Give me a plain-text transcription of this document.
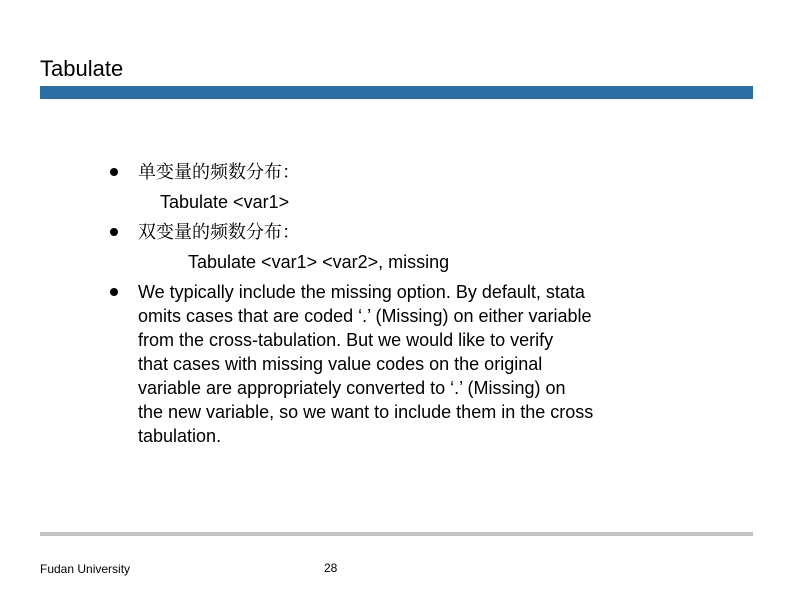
Tabulate
单变量的频数分布：
Tabulate <var1>
双变量的频数分布：
Tabulate <var1> <var2>, missing
We typically include the missing option. By default, stata
omits cases that are coded ‘.’ (Missing) on either variable
from the cross-tabulation. But we would like to verify
that cases with missing value codes on the original
variable are appropriately converted to ‘.’ (Missing) on
the new variable, so we want to include them in the cross
tabulation.
Fudan University	28
